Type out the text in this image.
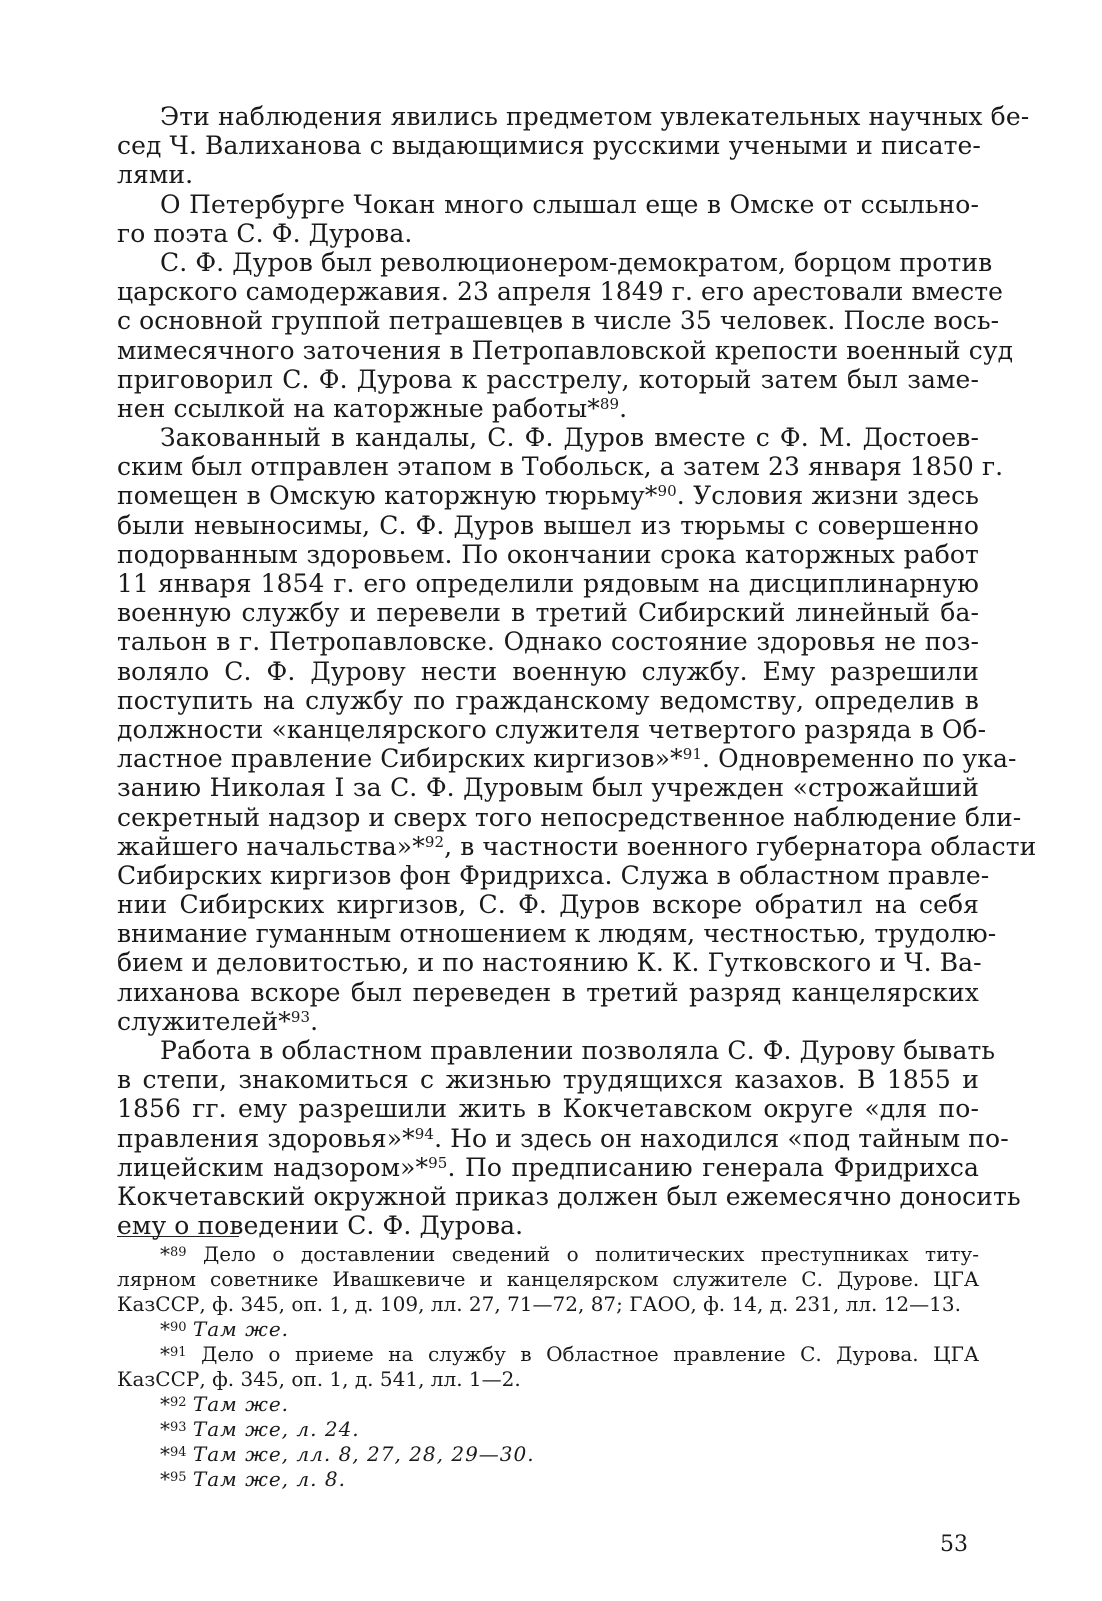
Эти наблюдения явились предметом увлекательных научных бе-
сед Ч. Валиханова с выдающимися русскими учеными и писате-
лями.
О Петербурге Чокан много слышал еще в Омске от ссыльно-
го поэта С. Ф. Дурова.
С. Ф. Дуров был революционером-демократом, борцом против
царского самодержавия. 23 апреля 1849 г. его арестовали вместе
с основной группой петрашевцев в числе 35 человек. После вось-
мимесячного заточения в Петропавловской крепости военный суд
приговорил С. Ф. Дурова к расстрелу, который затем был заме-
нен ссылкой на каторжные работы*$^{89}$.
Закованный в кандалы, С. Ф. Дуров вместе с Ф. М. Достоев-
ским был отправлен этапом в Тобольск, а затем 23 января 1850 г.
помещен в Омскую каторжную тюрьму*$^{90}$. Условия жизни здесь
были невыносимы, С. Ф. Дуров вышел из тюрьмы с совершенно
подорванным здоровьем. По окончании срока каторжных работ
11 января 1854 г. его определили рядовым на дисциплинарную
военную службу и перевели в третий Сибирский линейный ба-
тальон в г. Петропавловске. Однако состояние здоровья не поз-
воляло С. Ф. Дурову нести военную службу. Ему разрешили
поступить на службу по гражданскому ведомству, определив в
должности «канцелярского служителя четвертого разряда в Об-
ластное правление Сибирских киргизов»*$^{91}$. Одновременно по ука-
занию Николая I за С. Ф. Дуровым был учрежден «строжайший
секретный надзор и сверх того непосредственное наблюдение бли-
жайшего начальства»*$^{92}$, в частности военного губернатора области
Сибирских киргизов фон Фридрихса. Служа в областном правле-
нии Сибирских киргизов, С. Ф. Дуров вскоре обратил на себя
внимание гуманным отношением к людям, честностью, трудолю-
бием и деловитостью, и по настоянию К. К. Гутковского и Ч. Ва-
лиханова вскоре был переведен в третий разряд канцелярских
служителей*$^{93}$.
Работа в областном правлении позволяла С. Ф. Дурову бывать
в степи, знакомиться с жизнью трудящихся казахов. В 1855 и
1856 гг. ему разрешили жить в Кокчетавском округе «для по-
правления здоровья»*$^{94}$. Но и здесь он находился «под тайным по-
лицейским надзором»*$^{95}$. По предписанию генерала Фридрихса
Кокчетавский окружной приказ должен был ежемесячно доносить
ему о поведении С. Ф. Дурова.
*$^{89}$ Дело о доставлении сведений о политических преступниках титу-
лярном советнике Ивашкевиче и канцелярском служителе С. Дурове. ЦГА
КазССР, ф. 345, оп. 1, д. 109, лл. 27, 71—72, 87; ГАОО, ф. 14, д. 231, лл. 12—13.
*$^{90}$ Там же.
*$^{91}$ Дело о приеме на службу в Областное правление С. Дурова. ЦГА
КазССР, ф. 345, оп. 1, д. 541, лл. 1—2.
*$^{92}$ Там же.
*$^{93}$ Там же, л. 24.
*$^{94}$ Там же, лл. 8, 27, 28, 29—30.
*$^{95}$ Там же, л. 8.
53
